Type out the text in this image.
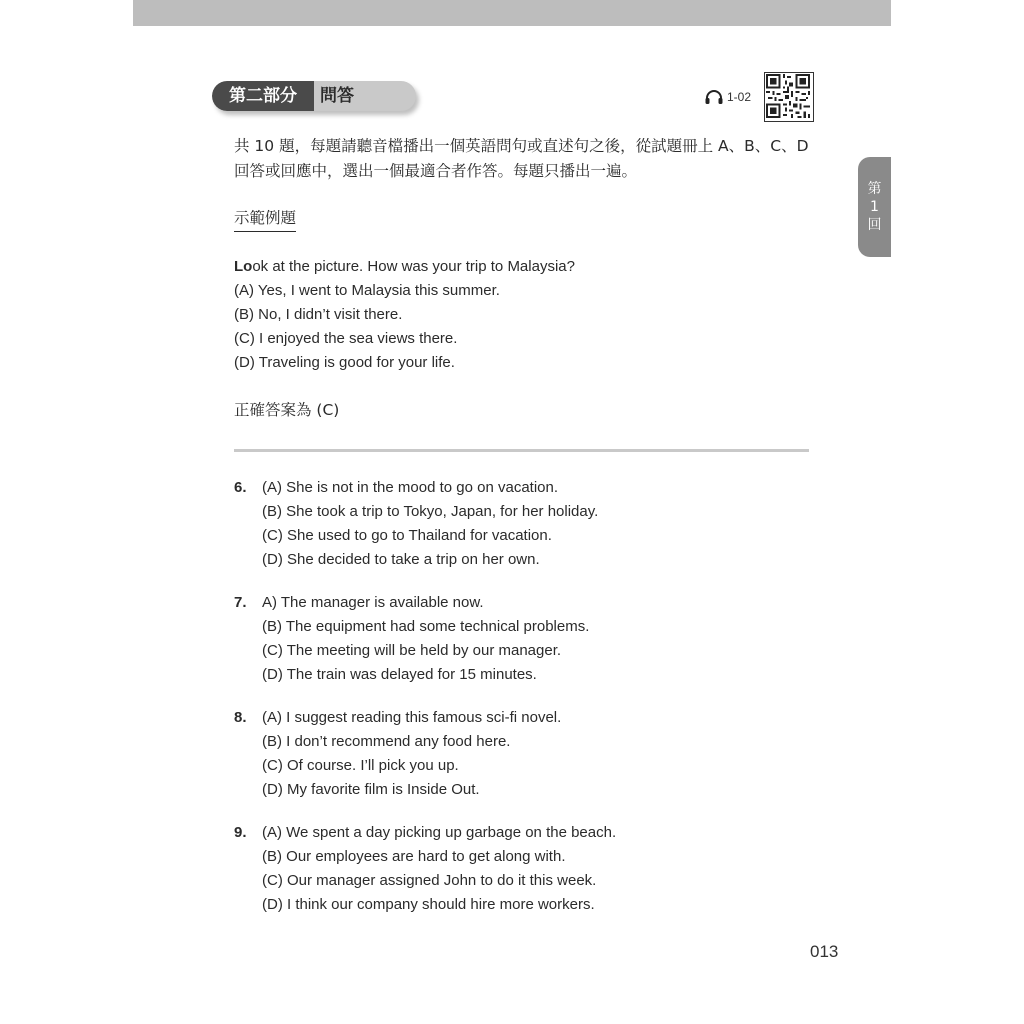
第二部分	問答	1-02
第
1
回
共 10 題，每題請聽音檔播出一個英語問句或直述句之後，從試題冊上 A、B、C、D 回答或回應中，選出一個最適合者作答。每題只播出一遍。
示範例題
Look at the picture. How was your trip to Malaysia?
(A) Yes, I went to Malaysia this summer.
(B) No, I didn’t visit there.
(C) I enjoyed the sea views there.
(D) Traveling is good for your life.
正確答案為 (C)
6.	(A) She is not in the mood to go on vacation.
(B) She took a trip to Tokyo, Japan, for her holiday.
(C) She used to go to Thailand for vacation.
(D) She decided to take a trip on her own.
7.	A) The manager is available now.
(B) The equipment had some technical problems.
(C) The meeting will be held by our manager.
(D) The train was delayed for 15 minutes.
8.	(A) I suggest reading this famous sci-fi novel.
(B) I don’t recommend any food here.
(C) Of course. I’ll pick you up.
(D) My favorite film is Inside Out.
9.	(A) We spent a day picking up garbage on the beach.
(B) Our employees are hard to get along with.
(C) Our manager assigned John to do it this week.
(D) I think our company should hire more workers.
013
